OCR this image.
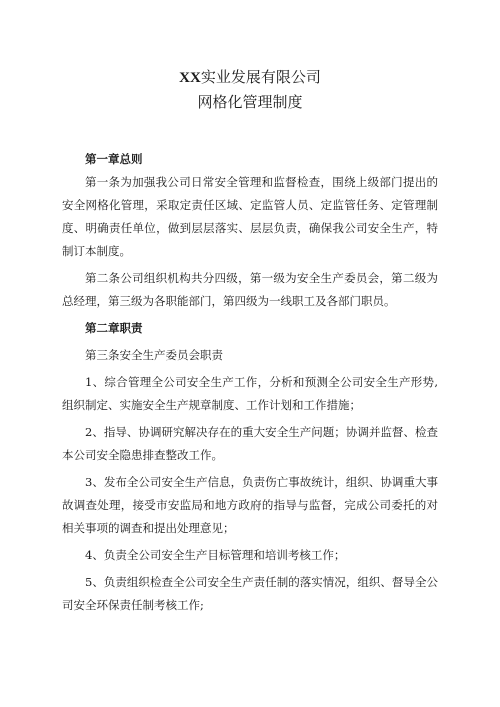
XX实业发展有限公司
网格化管理制度

第一章总则

第一条为加强我公司日常安全管理和监督检查，围绕上级部门提出的安全网格化管理，采取定责任区域、定监管人员、定监管任务、定管理制度、明确责任单位，做到层层落实、层层负责，确保我公司安全生产，特制订本制度。

第二条公司组织机构共分四级，第一级为安全生产委员会，第二级为总经理，第三级为各职能部门，第四级为一线职工及各部门职员。

第二章职责

第三条安全生产委员会职责

1、综合管理全公司安全生产工作，分析和预测全公司安全生产形势,组织制定、实施安全生产规章制度、工作计划和工作措施；

2、指导、协调研究解决存在的重大安全生产问题；协调并监督、检查本公司安全隐患排查整改工作。

3、发布全公司安全生产信息，负责伤亡事故统计，组织、协调重大事故调查处理，接受市安监局和地方政府的指导与监督，完成公司委托的对相关事项的调查和提出处理意见；

4、负责全公司安全生产目标管理和培训考核工作；

5、负责组织检查全公司安全生产责任制的落实情况，组织、督导全公司安全环保责任制考核工作;
